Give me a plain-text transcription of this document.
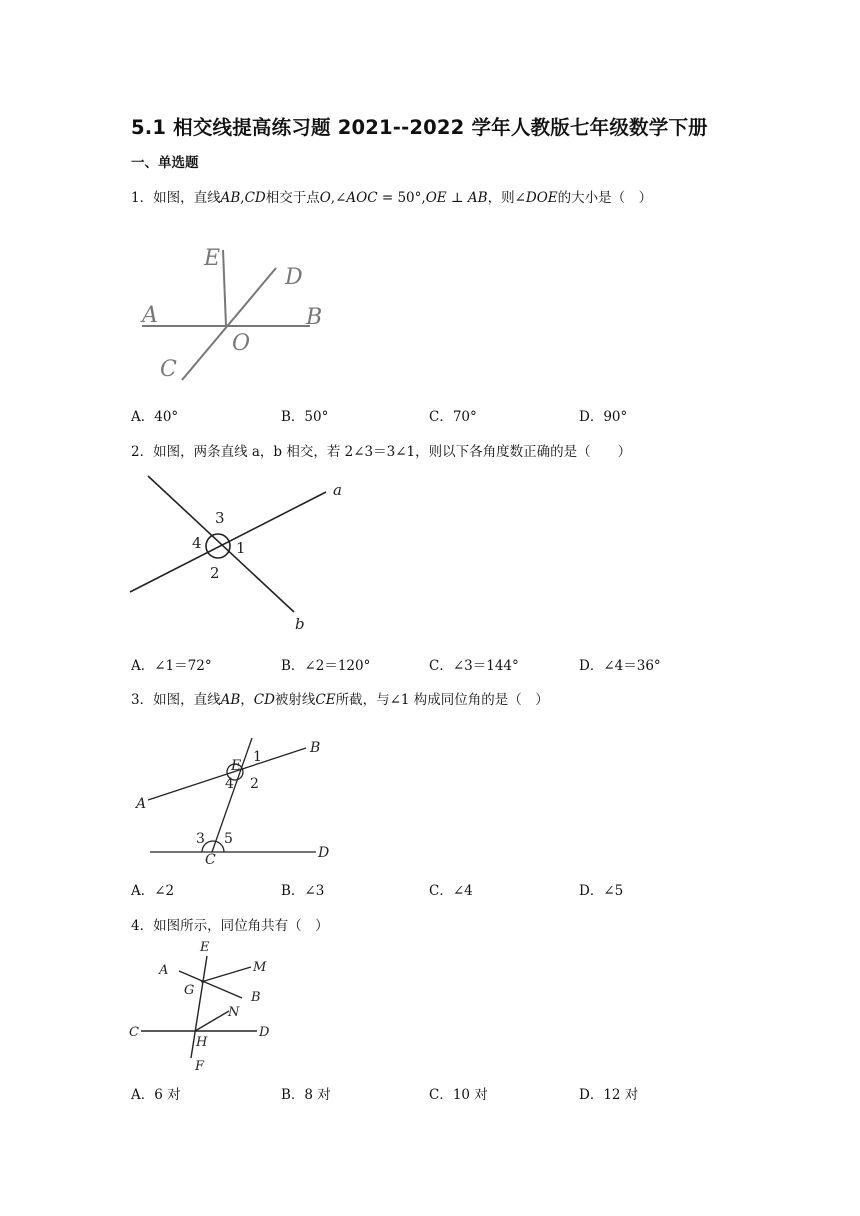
5.1 相交线提高练习题 2021--2022 学年人教版七年级数学下册
一、单选题
1．如图，直线AB,CD相交于点O,∠AOC = 50°,OE ⊥ AB，则∠DOE的大小是（　）
E
D
A	B
O
C
A．40°	B．50°	C．70°	D．90°
2．如图，两条直线 a，b 相交，若 2∠3＝3∠1，则以下各角度数正确的是（　　）
a
b
3
4 1
2
A．∠1＝72°	B．∠2＝120°	C．∠3＝144°	D．∠4＝36°
3．如图，直线AB，CD被射线CE所截，与∠1 构成同位角的是（　）
B
A
D
C
E
1
2
4
3 5
A．∠2	B．∠3	C．∠4	D．∠5
4．如图所示，同位角共有（　）
E
A	M
G	B
N
C	D
H
F
A．6 对	B．8 对	C．10 对	D．12 对
